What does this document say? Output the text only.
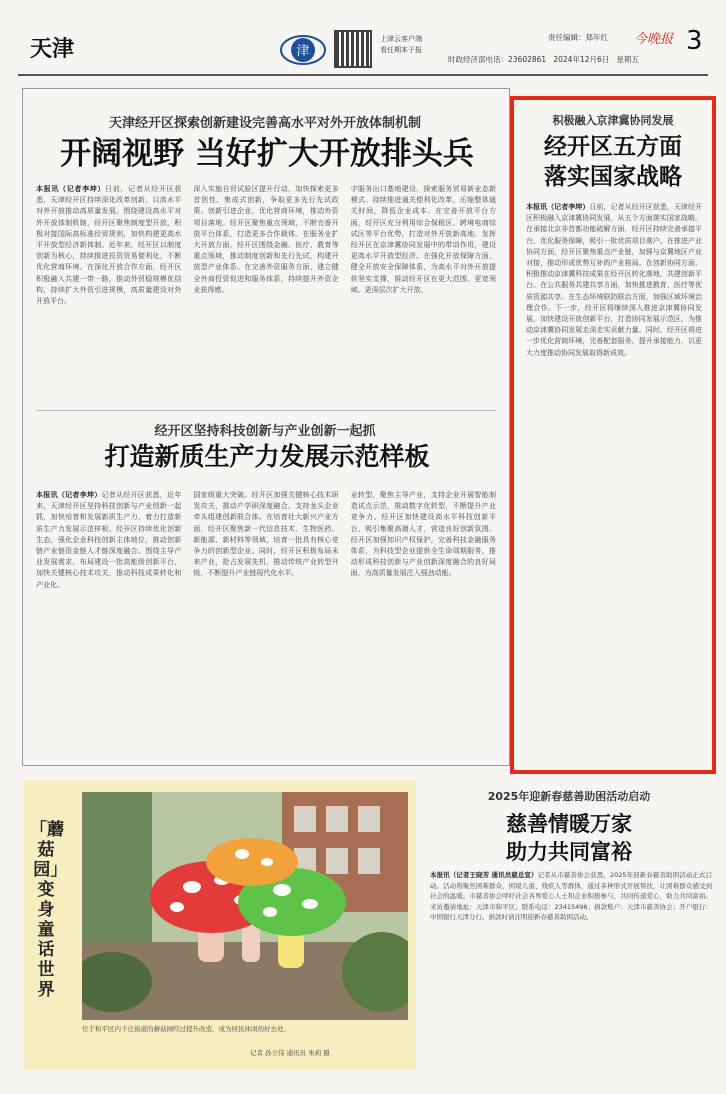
天津	津
上津云客户端
看任期本于报
责任编辑：郑年红 今晚报 3
时政经济部电话：23602861 2024年12月6日 星期五
天津经开区探索创新建设完善高水平对外开放体制机制
开阔视野 当好扩大开放排头兵
本报讯（记者李坤）日前，记者从经开区获悉，天津经开区持续深化改革创新，以高水平对外开放推动高质量发展。围绕建设高水平对外开放体制机制，经开区聚焦制度型开放，积极对接国际高标准经贸规则，加快构建更高水平开放型经济新体制。近年来，经开区以制度创新为核心，持续推进投资贸易便利化，不断优化营商环境。在深化开放合作方面，经开区积极融入共建一带一路，推动外贸稳规模优结构，持续扩大外资引进规模，高质量建设对外开放平台。
深入实施自贸试验区提升行动，加快探索更多首创性、集成式创新，争取更多先行先试政策。创新引进企业，优化营商环境，推动外资项目落地。经开区聚焦重点领域，不断完善开放平台体系，打造更多合作载体。在服务业扩大开放方面，经开区围绕金融、医疗、教育等重点领域，推动制度创新和先行先试，构建开放型产业体系。在完善外资服务方面，建立健全外商投资促进和服务体系，持续提升外资企业获得感。
字服务出口基地建设，探索服务贸易新业态新模式。持续推进通关便利化改革，压缩整体通关时间，降低企业成本。在完善开放平台方面，经开区充分利用综合保税区、跨境电商综试区等平台优势，打造对外开放新高地。发挥经开区在京津冀协同发展中的带动作用，建设更高水平开放型经济。在强化开放保障方面，健全开放安全保障体系，为高水平对外开放提供坚实支撑，推动经开区在更大范围、更宽领域、更深层次扩大开放。
经开区坚持科技创新与产业创新一起抓
打造新质生产力发展示范样板
本报讯（记者李坤）记者从经开区获悉，近年来，天津经开区坚持科技创新与产业创新一起抓，加快培育和发展新质生产力，着力打造新质生产力发展示范样板。经开区持续优化创新生态，强化企业科技创新主体地位，推动创新链产业链资金链人才链深度融合。围绕主导产业发展需求，布局建设一批高能级创新平台，加快关键核心技术攻关，推动科技成果转化和产业化。
国家级重大突破。经开区加强关键核心技术研发攻关，推动产学研深度融合，支持龙头企业牵头组建创新联合体。在培育壮大新兴产业方面，经开区聚焦新一代信息技术、生物医药、新能源、新材料等领域，培育一批具有核心竞争力的创新型企业。同时，经开区积极布局未来产业，抢占发展先机，推动传统产业转型升级，不断提升产业链现代化水平。
业转型，聚焦主导产业，支持企业开展智能制造试点示范，推动数字化转型，不断提升产业竞争力。经开区加快建设高水平科技创新平台，吸引集聚高端人才，营造良好创新氛围。经开区加强知识产权保护，完善科技金融服务体系，为科技型企业提供全生命周期服务，推动形成科技创新与产业创新深度融合的良好局面，为高质量发展注入强劲动能。
积极融入京津冀协同发展
经开区五方面
落实国家战略
本报讯（记者李坤）日前，记者从经开区获悉，天津经开区积极融入京津冀协同发展，从五个方面落实国家战略。在承接北京非首都功能疏解方面，经开区持续完善承接平台，优化服务保障，吸引一批优质项目落户。在推进产业协同方面，经开区聚焦重点产业链，加强与京冀地区产业对接，推动形成优势互补的产业格局。在创新协同方面，积极推动京津冀科技成果在经开区转化落地，共建创新平台。在公共服务共建共享方面，加快推进教育、医疗等优质资源共享。在生态环境联防联治方面，加强区域环境治理合作。下一步，经开区将继续深入推进京津冀协同发展，加快建设开放创新平台，打造协同发展示范区，为推动京津冀协同发展走深走实贡献力量。同时，经开区将进一步优化营商环境，完善配套服务，提升承接能力，以更大力度推动协同发展取得新成效。
「蘑菇园」变身童话世界
位于和平区内千庄街道的蘑菇园经过提升改造，成为居民休闲的好去处。
记者 孙立伟 通讯员 朱莉 摄
2025年迎新春慈善助困活动启动
慈善情暖万家
助力共同富裕
本报讯（记者王晓芳 通讯员慈总宣）记者从市慈善协会获悉，2025年迎新春慈善助困活动正式启动。活动将聚焦困难群众、困境儿童、残疾人等群体，通过多种形式开展帮扶，让困难群众感受到社会的温暖。市慈善协会呼吁社会各界爱心人士和企业积极参与，共同传递爱心，助力共同富裕。来访邀请地址：天津市和平区；联系电话：23415496；捐款账户：天津市慈善协会；开户银行：中国银行天津分行。捐款时请注明迎新春慈善助困活动。
